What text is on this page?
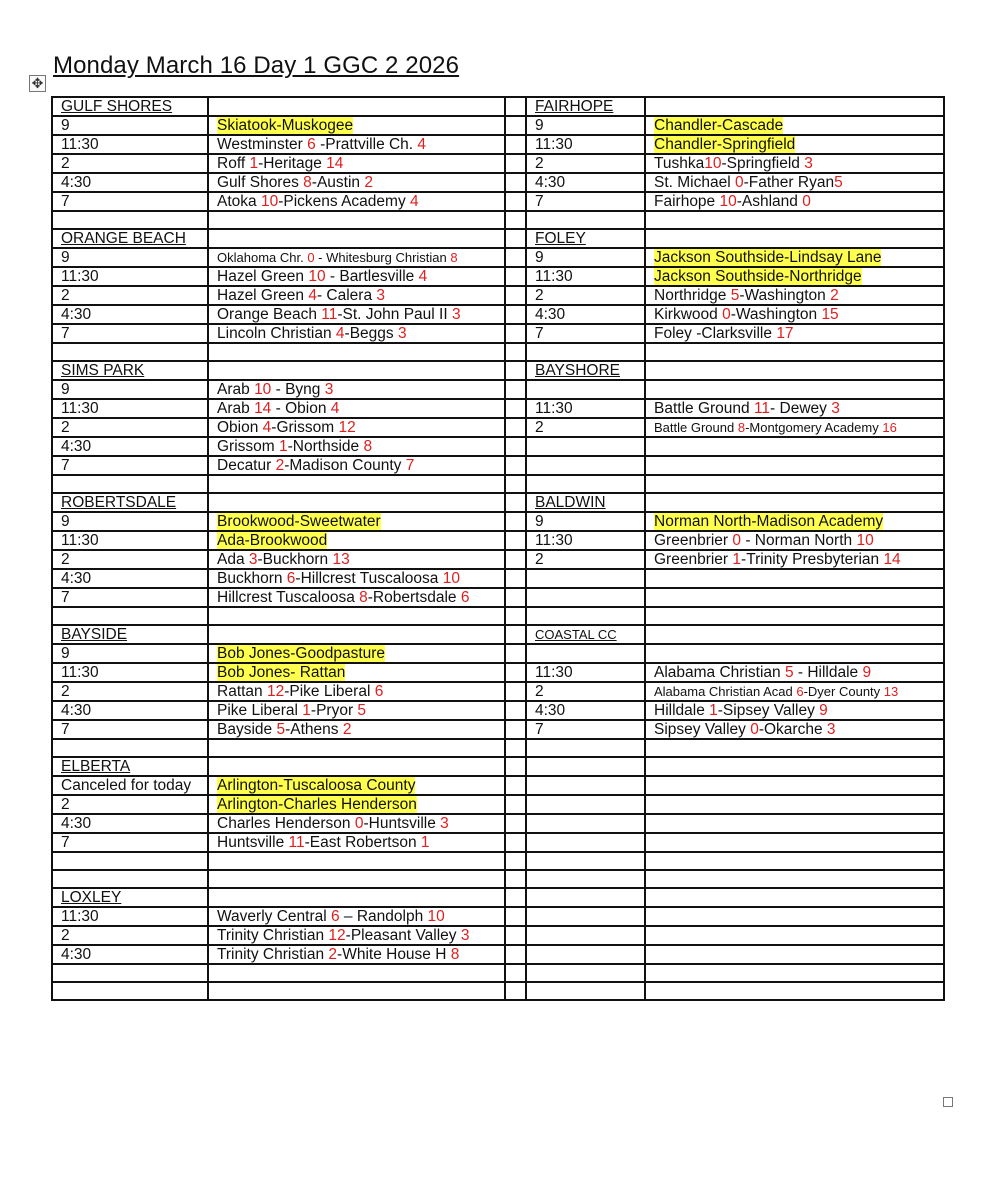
Monday March 16 Day 1 GGC 2 2026
✥
GULF SHORES			FAIRHOPE	
9	Skiatook-Muskogee		9	Chandler-Cascade
11:30	Westminster 6 -Prattville Ch. 4		11:30	Chandler-Springfield
2	Roff 1-Heritage 14		2	Tushka10-Springfield 3
4:30	Gulf Shores 8-Austin 2		4:30	St. Michael 0-Father Ryan5
7	Atoka 10-Pickens Academy 4		7	Fairhope 10-Ashland 0

ORANGE BEACH			FOLEY	
9	Oklahoma Chr. 0 - Whitesburg Christian 8		9	Jackson Southside-Lindsay Lane
11:30	Hazel Green 10 - Bartlesville 4		11:30	Jackson Southside-Northridge
2	Hazel Green 4- Calera 3		2	Northridge 5-Washington 2
4:30	Orange Beach 11-St. John Paul II 3		4:30	Kirkwood 0-Washington 15
7	Lincoln Christian 4-Beggs 3		7	Foley -Clarksville 17

SIMS PARK			BAYSHORE	
9	Arab 10 - Byng 3			
11:30	Arab 14 - Obion 4		11:30	Battle Ground 11- Dewey 3
2	Obion 4-Grissom 12		2	Battle Ground 8-Montgomery Academy 16
4:30	Grissom 1-Northside 8			
7	Decatur 2-Madison County 7			

ROBERTSDALE			BALDWIN	
9	Brookwood-Sweetwater		9	Norman North-Madison Academy
11:30	Ada-Brookwood		11:30	Greenbrier 0 - Norman North 10
2	Ada 3-Buckhorn 13		2	Greenbrier 1-Trinity Presbyterian 14
4:30	Buckhorn 6-Hillcrest Tuscaloosa 10			
7	Hillcrest Tuscaloosa 8-Robertsdale 6			

BAYSIDE			COASTAL CC	
9	Bob Jones-Goodpasture			
11:30	Bob Jones- Rattan		11:30	Alabama Christian 5 - Hilldale 9
2	Rattan 12-Pike Liberal 6		2	Alabama Christian Acad 6-Dyer County 13
4:30	Pike Liberal 1-Pryor 5		4:30	Hilldale 1-Sipsey Valley 9
7	Bayside 5-Athens 2		7	Sipsey Valley 0-Okarche 3

ELBERTA				
Canceled for today	Arlington-Tuscaloosa County			
2	Arlington-Charles Henderson			
4:30	Charles Henderson 0-Huntsville 3			
7	Huntsville 11-East Robertson 1			

LOXLEY				
11:30	Waverly Central 6 – Randolph 10			
2	Trinity Christian 12-Pleasant Valley 3			
4:30	Trinity Christian 2-White House H 8			
